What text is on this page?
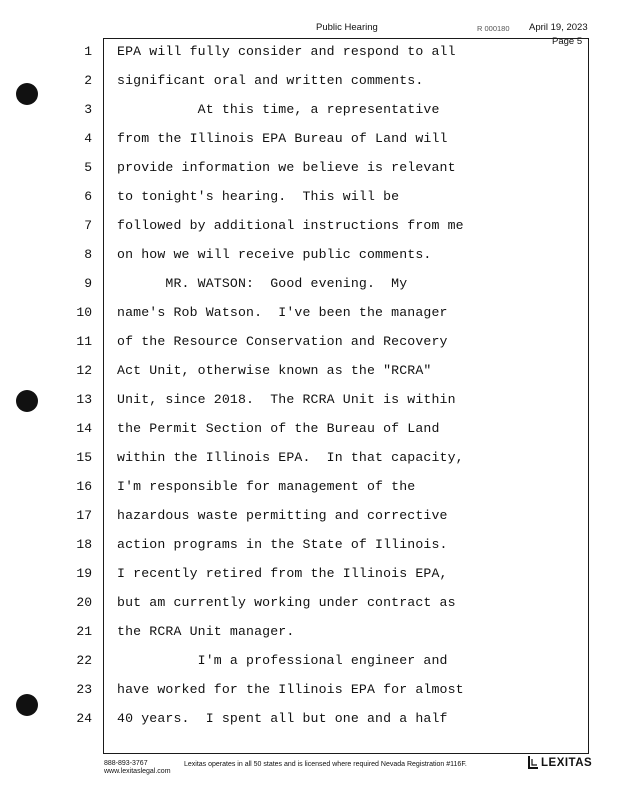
Public Hearing	R 000180 April 19, 2023
Page 5
1 EPA will fully consider and respond to all
2 significant oral and written comments.
3 At this time, a representative
4 from the Illinois EPA Bureau of Land will
5 provide information we believe is relevant
6 to tonight's hearing.  This will be
7 followed by additional instructions from me
8 on how we will receive public comments.
9 MR. WATSON:  Good evening.  My
10 name's Rob Watson.  I've been the manager
11 of the Resource Conservation and Recovery
12 Act Unit, otherwise known as the "RCRA"
13 Unit, since 2018.  The RCRA Unit is within
14 the Permit Section of the Bureau of Land
15 within the Illinois EPA.  In that capacity,
16 I'm responsible for management of the
17 hazardous waste permitting and corrective
18 action programs in the State of Illinois.
19 I recently retired from the Illinois EPA,
20 but am currently working under contract as
21 the RCRA Unit manager.
22 I'm a professional engineer and
23 have worked for the Illinois EPA for almost
24 40 years.  I spent all but one and a half
888-893-3767
www.lexitaslegal.com
Lexitas operates in all 50 states and is licensed where required Nevada Registration #116F.	LEXITAS
